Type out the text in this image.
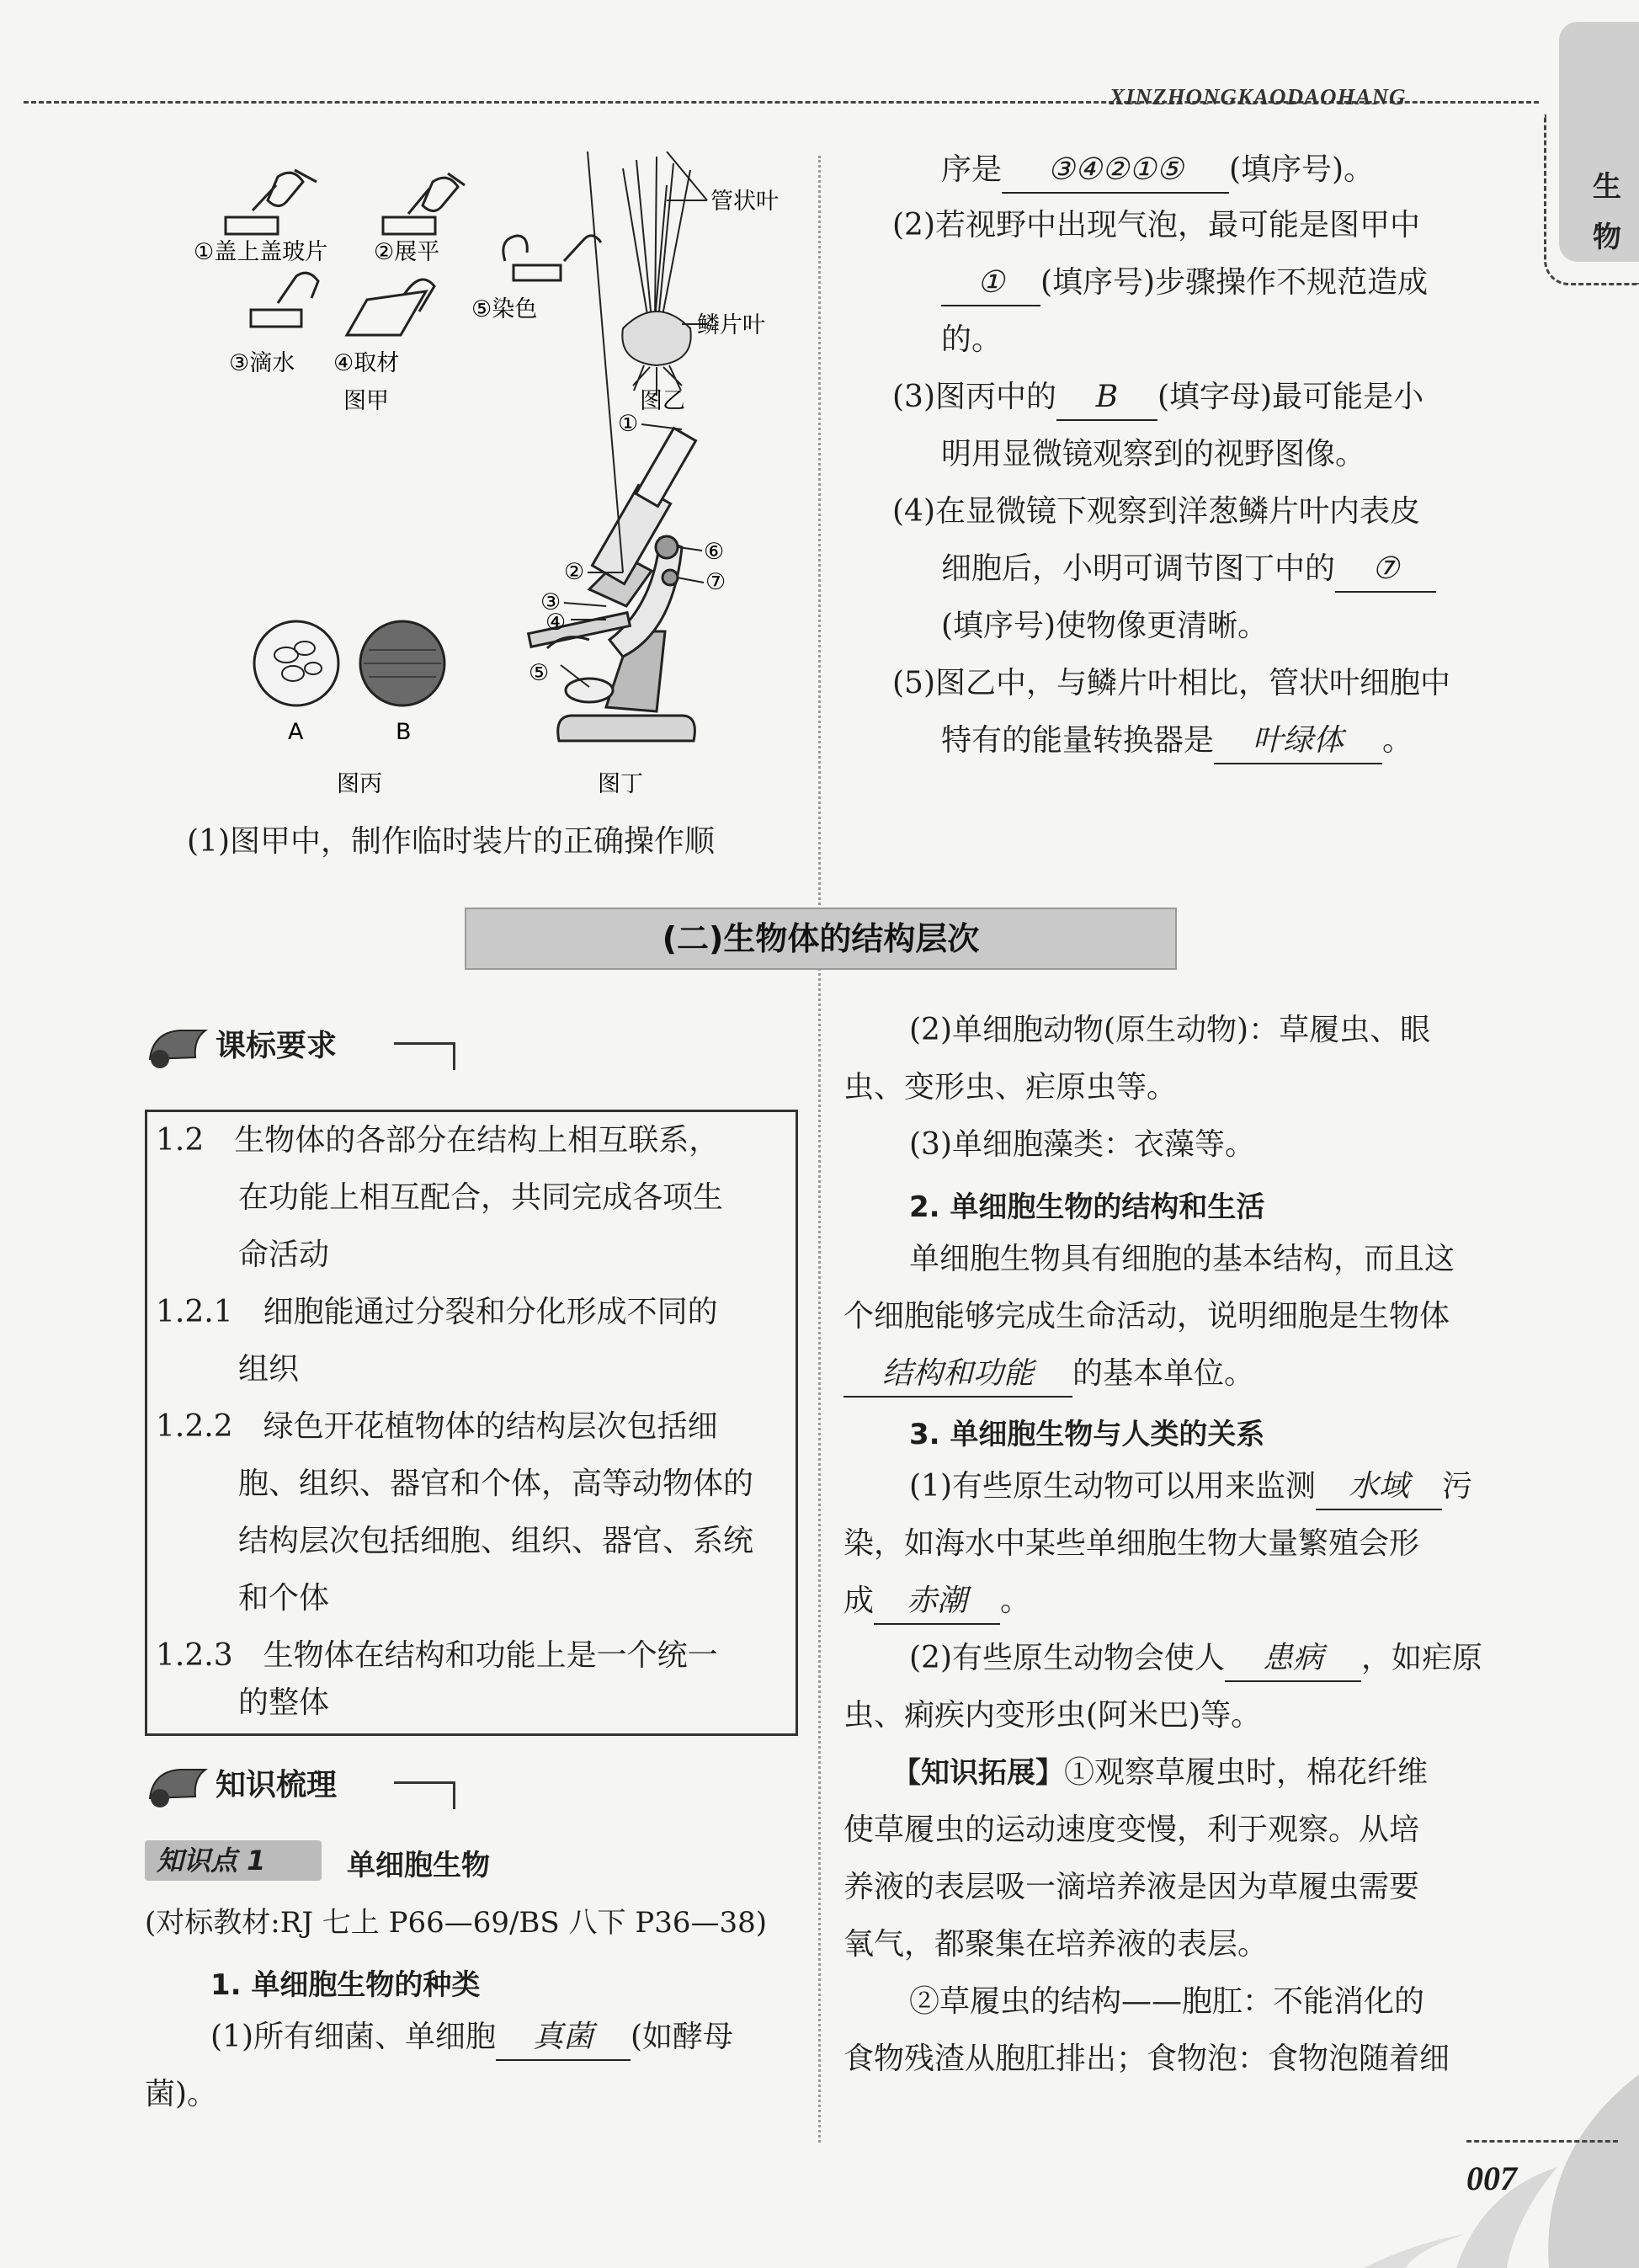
XINZHONGKAODAOHANG
生
物
①盖上盖玻片 ②展平
⑤染色
③滴水 ④取材
图甲
管状叶
鳞片叶
图乙
A	B
图丙
①
②
③
④
⑤
⑥
⑦
图丁
(1)图甲中，制作临时装片的正确操作顺
序是 ③④②①⑤ (填序号)。
(2)若视野中出现气泡，最可能是图甲中
① (填序号)步骤操作不规范造成
的。
(3)图丙中的 B (填字母)最可能是小
明用显微镜观察到的视野图像。
(4)在显微镜下观察到洋葱鳞片叶内表皮
细胞后，小明可调节图丁中的 ⑦
(填序号)使物像更清晰。
(5)图乙中，与鳞片叶相比，管状叶细胞中
特有的能量转换器是 叶绿体 。
(二)生物体的结构层次
课标要求
1.2　生物体的各部分在结构上相互联系，
在功能上相互配合，共同完成各项生
命活动
1.2.1　细胞能通过分裂和分化形成不同的
组织
1.2.2　绿色开花植物体的结构层次包括细
胞、组织、器官和个体，高等动物体的
结构层次包括细胞、组织、器官、系统
和个体
1.2.3　生物体在结构和功能上是一个统一
的整体
知识梳理
知识点 1	单细胞生物
(对标教材:RJ 七上 P66—69/BS 八下 P36—38)
1. 单细胞生物的种类
(1)所有细菌、单细胞 真菌 (如酵母
菌)。
(2)单细胞动物(原生动物)：草履虫、眼
虫、变形虫、疟原虫等。
(3)单细胞藻类：衣藻等。
2. 单细胞生物的结构和生活
单细胞生物具有细胞的基本结构，而且这
个细胞能够完成生命活动，说明细胞是生物体
结构和功能 的基本单位。
3. 单细胞生物与人类的关系
(1)有些原生动物可以用来监测 水域 污
染，如海水中某些单细胞生物大量繁殖会形
成 赤潮 。
(2)有些原生动物会使人 患病 ，如疟原
虫、痢疾内变形虫(阿米巴)等。
【知识拓展】①观察草履虫时，棉花纤维
使草履虫的运动速度变慢，利于观察。从培
养液的表层吸一滴培养液是因为草履虫需要
氧气，都聚集在培养液的表层。
②草履虫的结构——胞肛：不能消化的
食物残渣从胞肛排出；食物泡：食物泡随着细
007
